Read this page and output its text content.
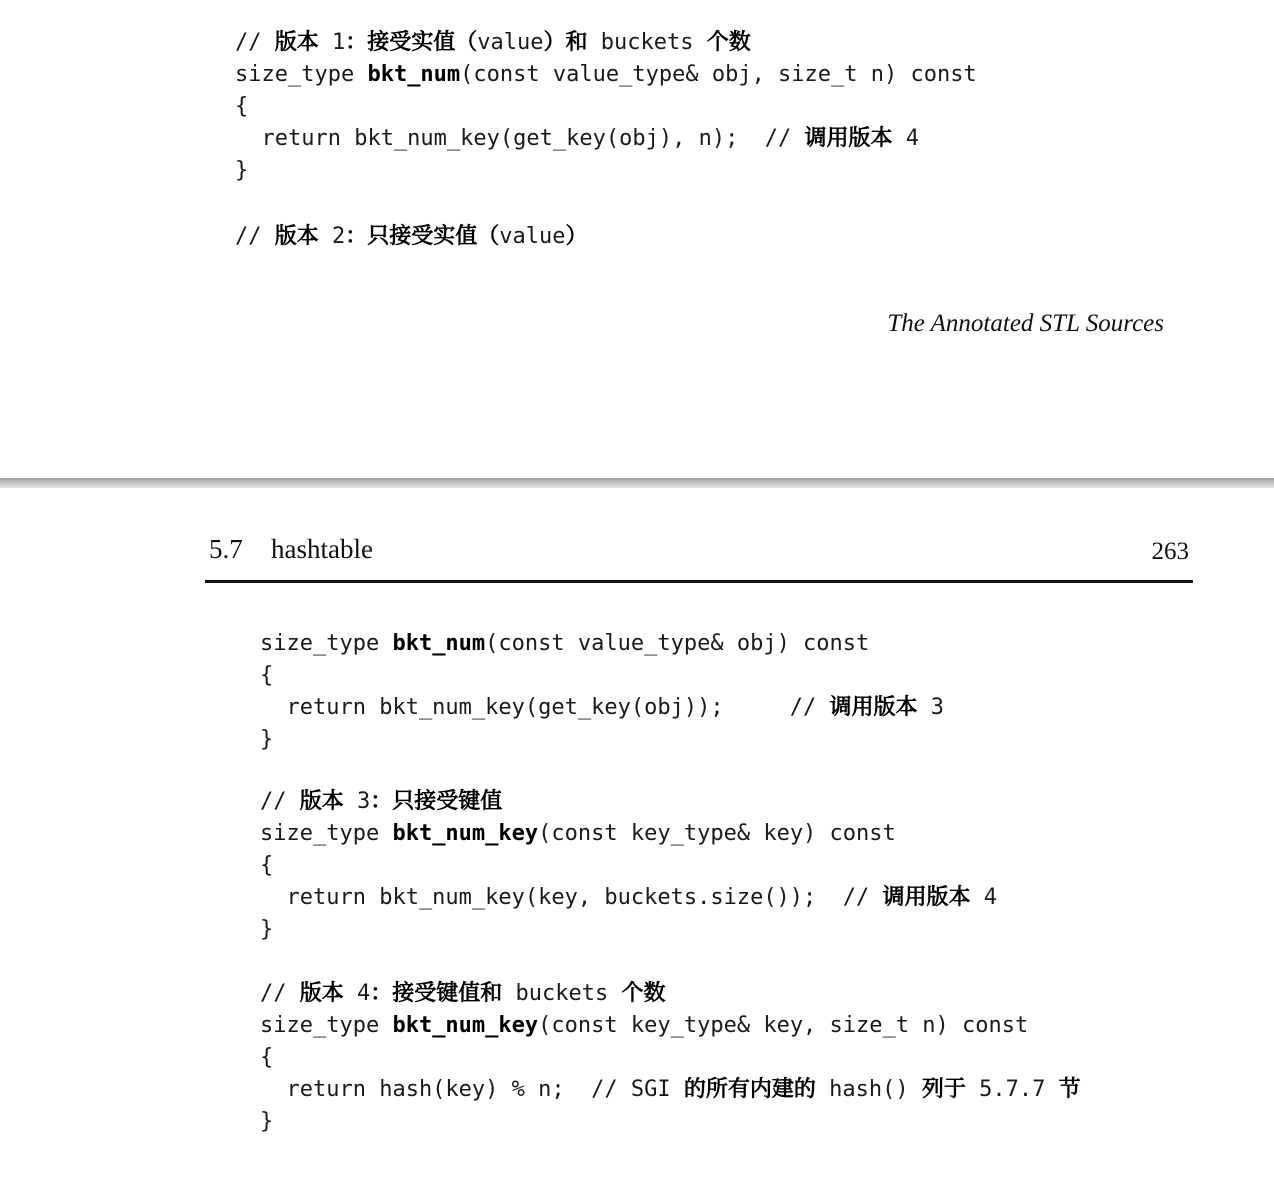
// 版本 1：接受实值（value）和 buckets 个数
size_type bkt_num(const value_type& obj, size_t n) const
{
return bkt_num_key(get_key(obj), n);  // 调用版本 4
}
// 版本 2：只接受实值（value）
The Annotated STL Sources
5.7 hashtable	263
size_type bkt_num(const value_type& obj) const
{
return bkt_num_key(get_key(obj));     // 调用版本 3
}
// 版本 3：只接受键值
size_type bkt_num_key(const key_type& key) const
{
return bkt_num_key(key, buckets.size());  // 调用版本 4
}
// 版本 4：接受键值和 buckets 个数
size_type bkt_num_key(const key_type& key, size_t n) const
{
return hash(key) % n;  // SGI 的所有内建的 hash() 列于 5.7.7 节
}
